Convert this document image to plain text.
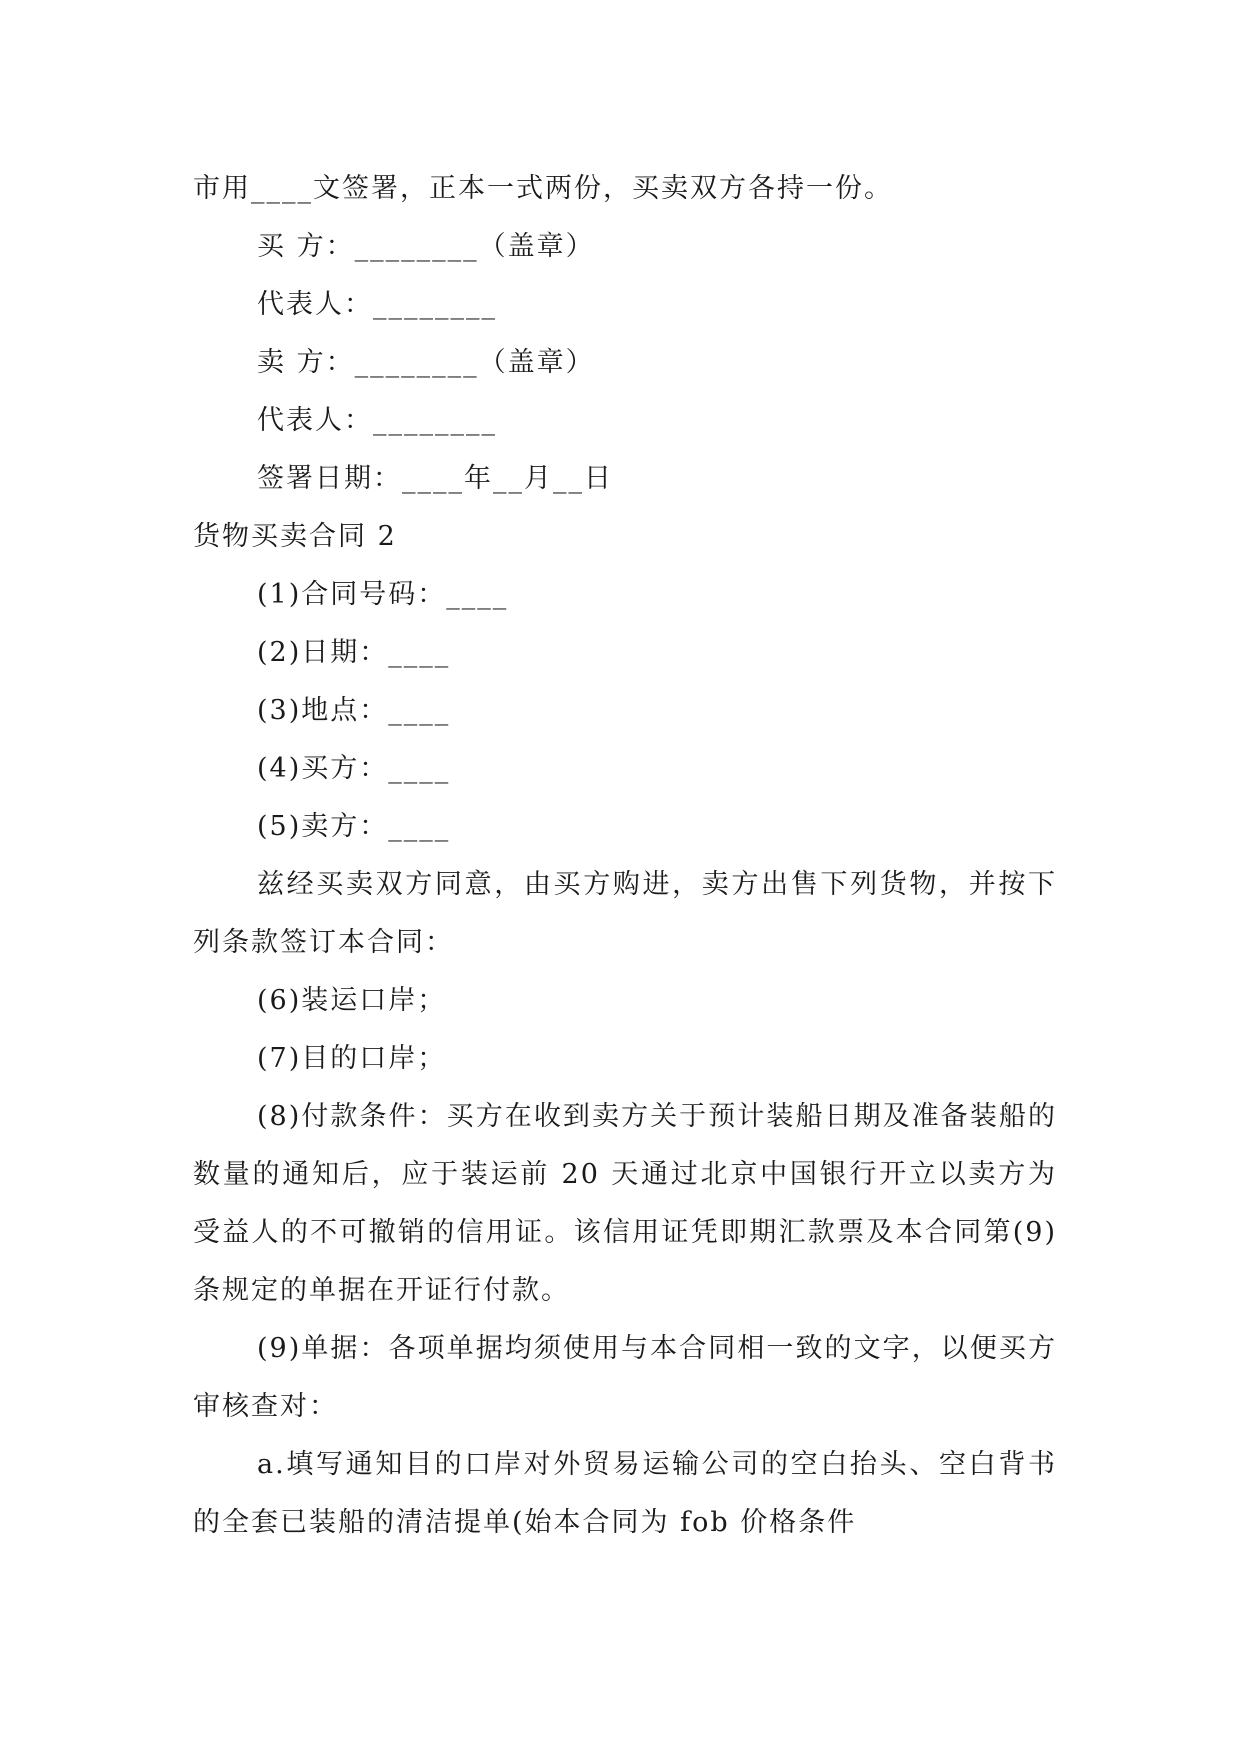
市用____文签署，正本一式两份，买卖双方各持一份。

买 方：________（盖章）

代表人：________

卖 方：________（盖章）

代表人：________

签署日期：____年__月__日

货物买卖合同 2

(1)合同号码：____

(2)日期：____

(3)地点：____

(4)买方：____

(5)卖方：____

兹经买卖双方同意，由买方购进，卖方出售下列货物，并按下列条款签订本合同：

(6)装运口岸；

(7)目的口岸；

(8)付款条件：买方在收到卖方关于预计装船日期及准备装船的数量的通知后，应于装运前 20 天通过北京中国银行开立以卖方为受益人的不可撤销的信用证。该信用证凭即期汇款票及本合同第(9)条规定的单据在开证行付款。

(9)单据：各项单据均须使用与本合同相一致的文字，以便买方审核查对：

a.填写通知目的口岸对外贸易运输公司的空白抬头、空白背书的全套已装船的清洁提单(始本合同为 fob 价格条件
